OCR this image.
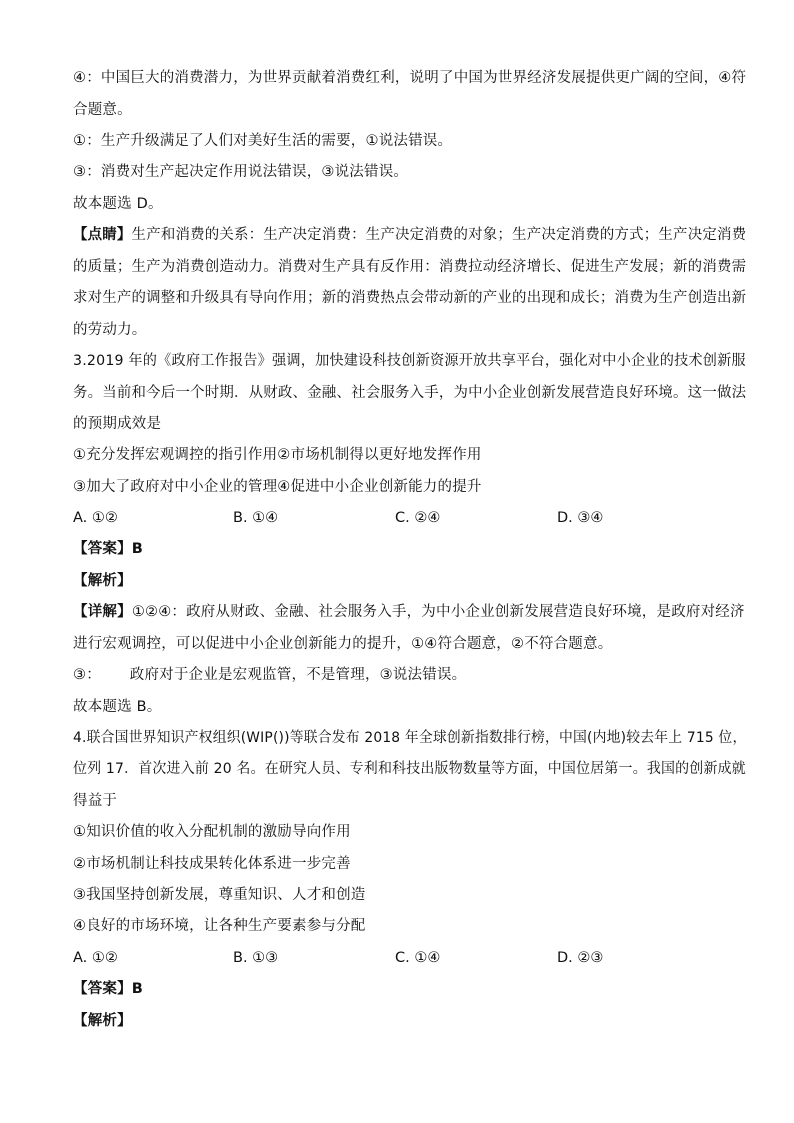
④：中国巨大的消费潜力，为世界贡献着消费红利，说明了中国为世界经济发展提供更广阔的空间，④符
合题意。
①：生产升级满足了人们对美好生活的需要，①说法错误。
③：消费对生产起决定作用说法错误，③说法错误。
故本题选 D。
【点睛】生产和消费的关系：生产决定消费：生产决定消费的对象；生产决定消费的方式；生产决定消费
的质量；生产为消费创造动力。消费对生产具有反作用：消费拉动经济增长、促进生产发展；新的消费需
求对生产的调整和升级具有导向作用；新的消费热点会带动新的产业的出现和成长；消费为生产创造出新
的劳动力。
3.2019 年的《政府工作报告》强调，加快建设科技创新资源开放共享平台，强化对中小企业的技术创新服
务。当前和今后一个时期．从财政、金融、社会服务入手，为中小企业创新发展营造良好环境。这一做法
的预期成效是
①充分发挥宏观调控的指引作用②市场机制得以更好地发挥作用
③加大了政府对中小企业的管理④促进中小企业创新能力的提升
A. ①②	B. ①④	C. ②④	D. ③④
【答案】B
【解析】
【详解】①②④：政府从财政、金融、社会服务入手，为中小企业创新发展营造良好环境，是政府对经济
进行宏观调控，可以促进中小企业创新能力的提升，①④符合题意，②不符合题意。
③：      政府对于企业是宏观监管，不是管理，③说法错误。
故本题选 B。
4.联合国世界知识产权组织(WIP())等联合发布 2018 年全球创新指数排行榜，中国(内地)较去年上 715 位，
位列 17．首次进入前 20 名。在研究人员、专利和科技出版物数量等方面，中国位居第一。我国的创新成就
得益于
①知识价值的收入分配机制的激励导向作用
②市场机制让科技成果转化体系进一步完善
③我国坚持创新发展，尊重知识、人才和创造
④良好的市场环境，让各种生产要素参与分配
A. ①②	B. ①③	C. ①④	D. ②③
【答案】B
【解析】
